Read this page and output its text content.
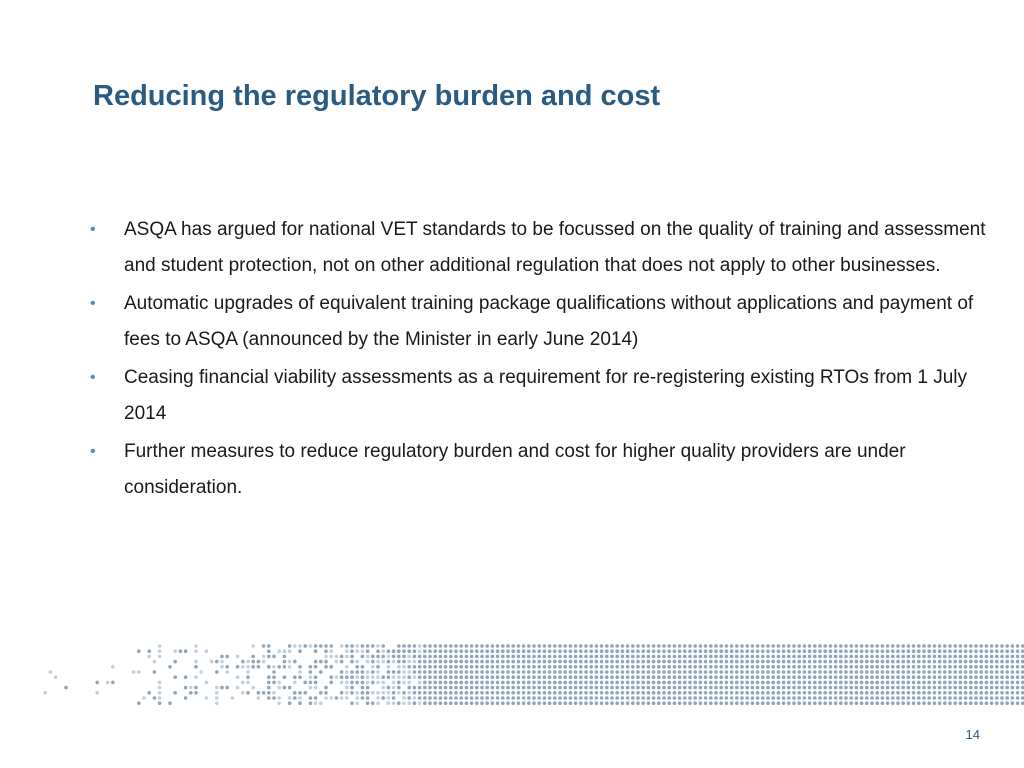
Reducing the regulatory burden and cost
•	ASQA has argued for national VET standards to be focussed on the quality of training and assessment and student protection, not on other additional regulation that does not apply to other businesses.
•	Automatic upgrades of equivalent training package qualifications without applications and payment of fees to ASQA (announced by the Minister in early June 2014)
•	Ceasing financial viability assessments as a requirement for re-registering existing RTOs from 1 July 2014
•	Further measures to reduce regulatory burden and cost for higher quality providers are under consideration.
14
